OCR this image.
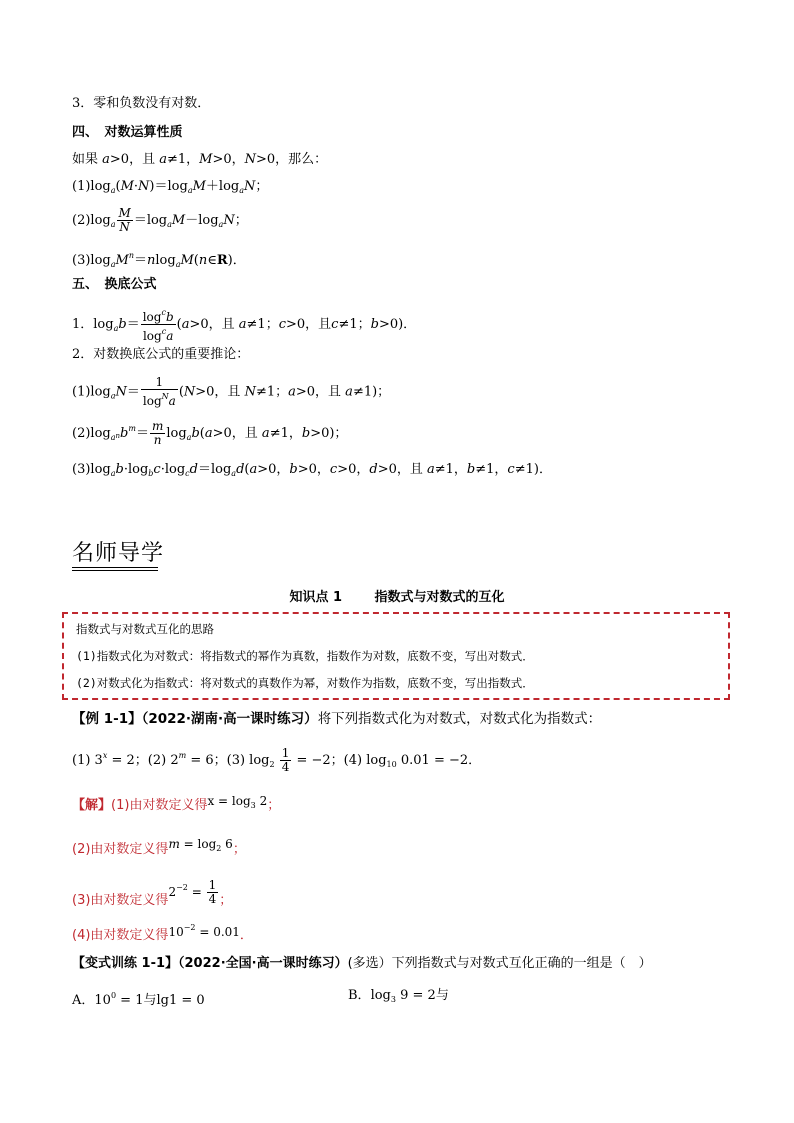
3．零和负数没有对数．
四、　对数运算性质
如果 a>0，且 a≠1，M>0，N>0，那么：
$(1)\log_a(M\cdot N)=\log_aM+\log_aN$；
$(2)\log_a \frac{M}{N} =\log_aM-\log_aN$；
$(3)\log_aM^n=nlog_aM(n\in R)$．
五、　换底公式
1．$\log_ab= \frac{\log^cb}{\log^ca} (a>0$，且 a≠1；c>0，且c≠1；b>0)．
2．对数换底公式的重要推论：
$(1)\log_aN= \frac{1}{\log^Na} (N>0$，且 N≠1；a>0，且 a≠1)；
$(2)\log_{a^n}b^m= \frac{m}{n} \log_ab(a>0$，且 a≠1，b>0)；
$(3)\log_ab\cdot\log_bc\cdot\log_cd=\log_ad(a>0$，b>0，c>0，d>0，且 a≠1，b≠1，c≠1)．
名师导学
知识点 1	指数式与对数式的互化
指数式与对数式互化的思路
(1)指数式化为对数式：将指数式的幂作为真数，指数作为对数，底数不变，写出对数式．
(2)对数式化为指数式：将对数式的真数作为幂，对数作为指数，底数不变，写出指数式．
【例 1-1】（2022·湖南·高一课时练习）将下列指数式化为对数式，对数式化为指数式：
(1) $3^x = 2$；(2) $2^m = 6$；(3) $\log_2 \frac{1}{4} = -2$；(4) $\log_{10} 0.01 = -2$．
【解】(1)由对数定义得$x = \log_3 2$；
(2)由对数定义得$m = \log_2 6$；
(3)由对数定义得$2^{-2} = \frac{1}{4}$ ；
(4)由对数定义得$10^{-2} = 0.01$．
【变式训练 1-1】（2022·全国·高一课时练习）(多选）下列指数式与对数式互化正确的一组是（　）
A．$10^0 = 1$与lg1 = 0	B．$\log_3 9 = 2$与
